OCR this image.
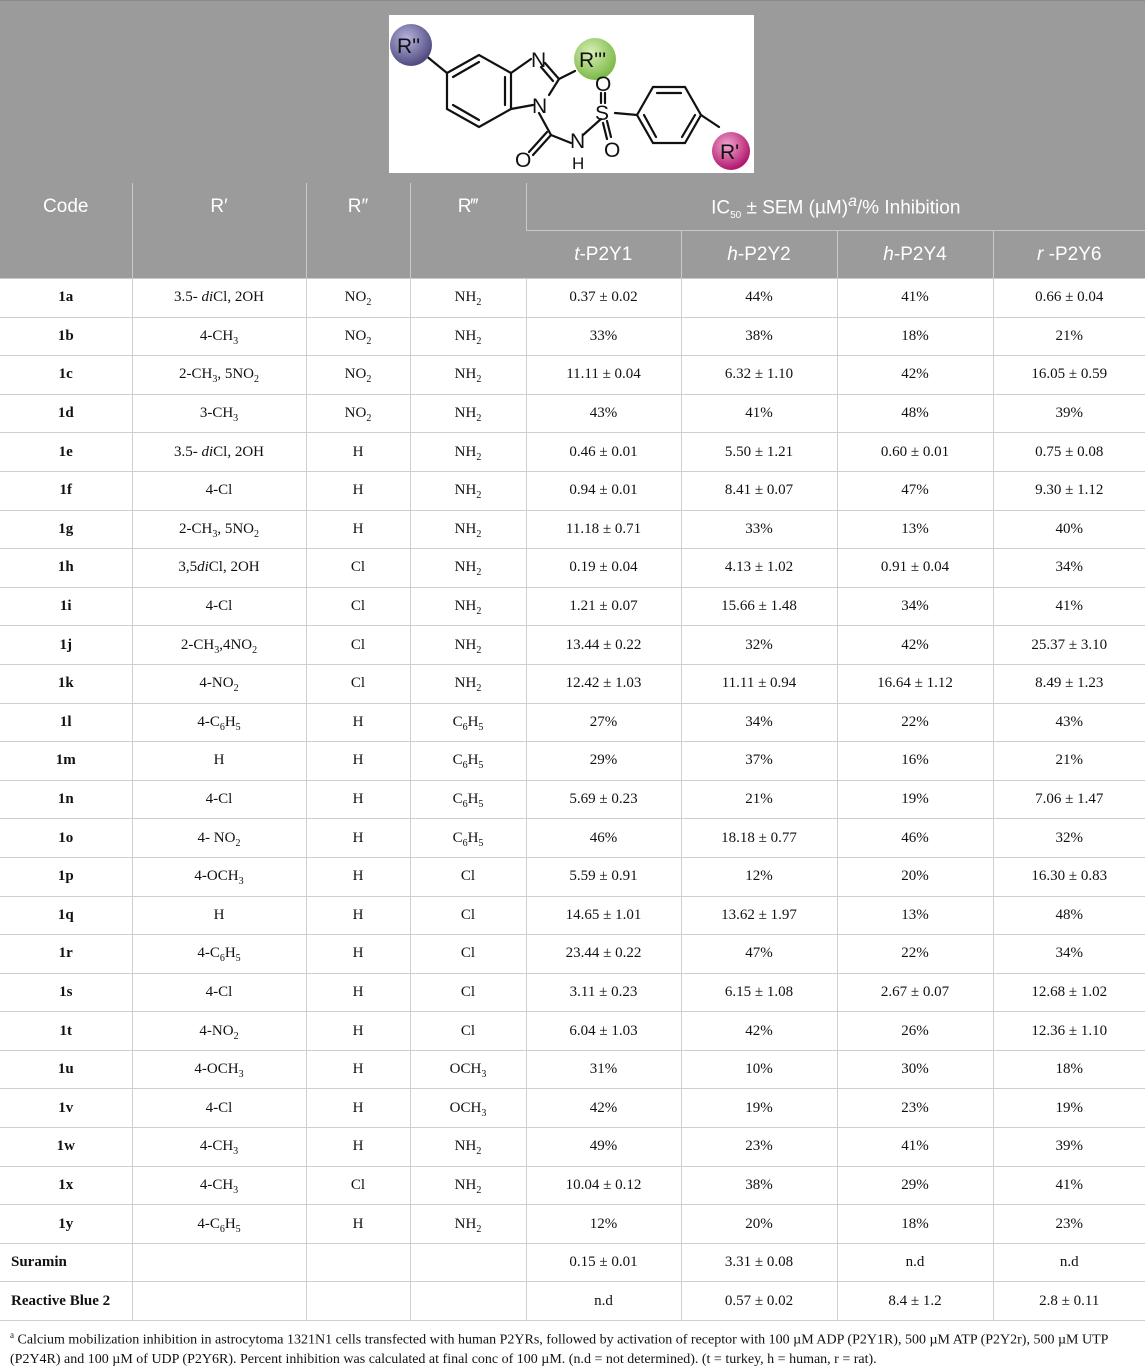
R''
R'''
R'
N
N
O
O
S
O
N
H
Code	R′	R″	R‴	$IC_{50}$ ± SEM $(\mu M)^a/\%$ Inhibition			
				t-P2Y1	h-P2Y2	h-P2Y4	r -P2Y6
1a	3.5- diCl, 2OH	$NO_2$	$NH_2$	0.37 ± 0.02	44%	41%	0.66 ± 0.04
1b	$4-CH_3$	$NO_2$	$NH_2$	33%	38%	18%	21%
1c	$2-CH_3$, $5NO_2$	$NO_2$	$NH_2$	11.11 ± 0.04	6.32 ± 1.10	42%	16.05 ± 0.59
1d	$3-CH_3$	$NO_2$	$NH_2$	43%	41%	48%	39%
1e	3.5- diCl, 2OH	H	$NH_2$	0.46 ± 0.01	5.50 ± 1.21	0.60 ± 0.01	0.75 ± 0.08
1f	4-Cl	H	$NH_2$	0.94 ± 0.01	8.41 ± 0.07	47%	9.30 ± 1.12
1g	$2-CH_3$, $5NO_2$	H	$NH_2$	11.18 ± 0.71	33%	13%	40%
1h	3,5diCl, 2OH	Cl	$NH_2$	0.19 ± 0.04	4.13 ± 1.02	0.91 ± 0.04	34%
1i	4-Cl	Cl	$NH_2$	1.21 ± 0.07	15.66 ± 1.48	34%	41%
1j	$2-CH_3,4NO_2$	Cl	$NH_2$	13.44 ± 0.22	32%	42%	25.37 ± 3.10
1k	$4-NO_2$	Cl	$NH_2$	12.42 ± 1.03	11.11 ± 0.94	16.64 ± 1.12	8.49 ± 1.23
1l	$4-C_6H_5$	H	$C_6H_5$	27%	34%	22%	43%
1m	H	H	$C_6H_5$	29%	37%	16%	21%
1n	4-Cl	H	$C_6H_5$	5.69 ± 0.23	21%	19%	7.06 ± 1.47
1o	4- $NO_2$	H	$C_6H_5$	46%	18.18 ± 0.77	46%	32%
1p	$4-OCH_3$	H	Cl	5.59 ± 0.91	12%	20%	16.30 ± 0.83
1q	H	H	Cl	14.65 ± 1.01	13.62 ± 1.97	13%	48%
1r	$4-C_6H_5$	H	Cl	23.44 ± 0.22	47%	22%	34%
1s	4-Cl	H	Cl	3.11 ± 0.23	6.15 ± 1.08	2.67 ± 0.07	12.68 ± 1.02
1t	$4-NO_2$	H	Cl	6.04 ± 1.03	42%	26%	12.36 ± 1.10
1u	$4-OCH_3$	H	$OCH_3$	31%	10%	30%	18%
1v	4-Cl	H	$OCH_3$	42%	19%	23%	19%
1w	$4-CH_3$	H	$NH_2$	49%	23%	41%	39%
1x	$4-CH_3$	Cl	$NH_2$	10.04 ± 0.12	38%	29%	41%
1y	$4-C_6H_5$	H	$NH_2$	12%	20%	18%	23%
Suramin				0.15 ± 0.01	3.31 ± 0.08	n.d	n.d
Reactive Blue 2				n.d	0.57 ± 0.02	8.4 ± 1.2	2.8 ± 0.11
$^a$ Calcium mobilization inhibition in astrocytoma 1321N1 cells transfected with human P2YRs, followed by activation of receptor with 100 µM ADP (P2Y1R), 500 µM ATP (P2Y2r), 500 µM UTP (P2Y4R) and 100 µM of UDP (P2Y6R). Percent inhibition was calculated at final conc of 100 µM. (n.d = not determined). (t = turkey, h = human, r = rat).
